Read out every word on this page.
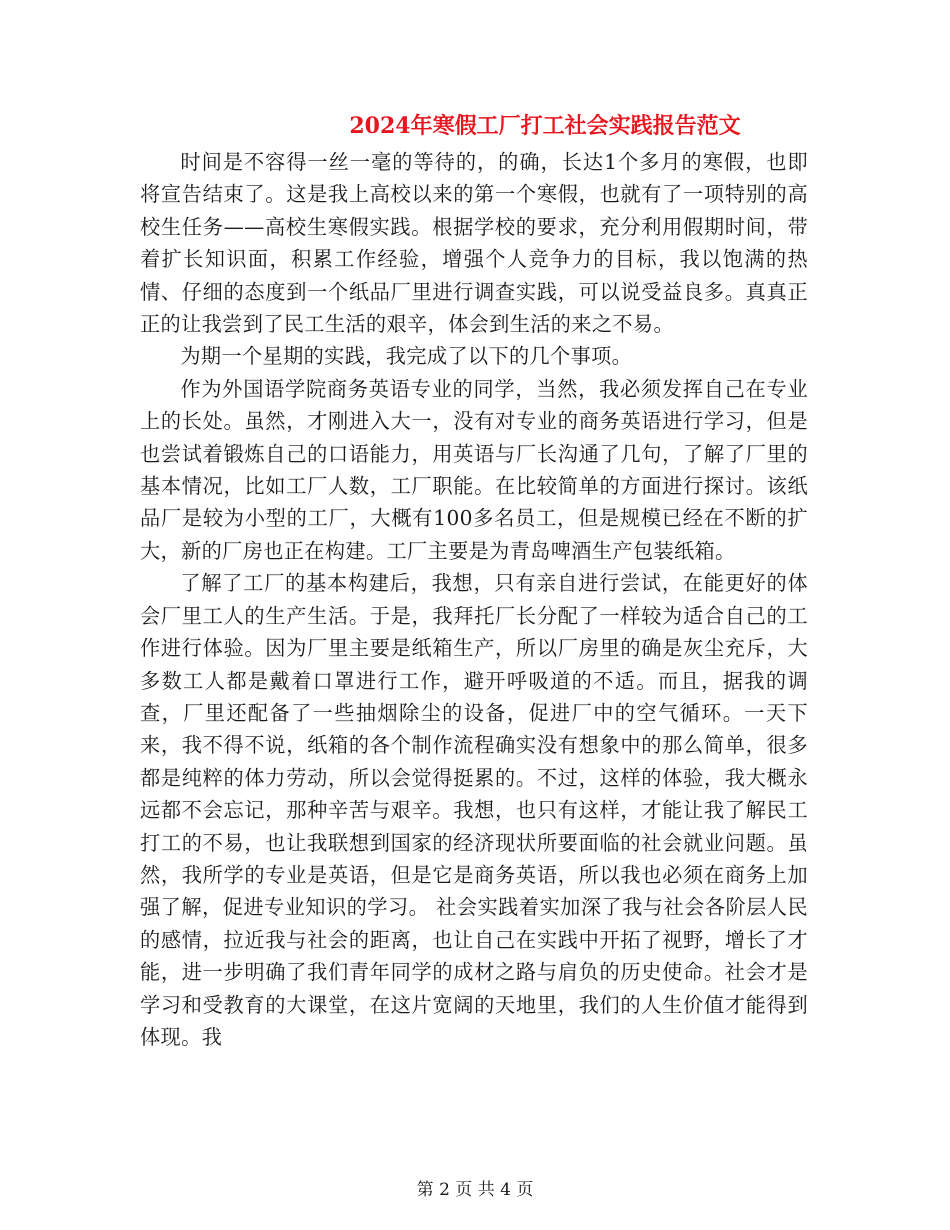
2024年寒假工厂打工社会实践报告范文

时间是不容得一丝一毫的等待的，的确，长达1个多月的寒假，也即将宣告结束了。这是我上高校以来的第一个寒假，也就有了一项特别的高校生任务——高校生寒假实践。根据学校的要求，充分利用假期时间，带着扩长知识面，积累工作经验，增强个人竞争力的目标，我以饱满的热情、仔细的态度到一个纸品厂里进行调查实践，可以说受益良多。真真正正的让我尝到了民工生活的艰辛，体会到生活的来之不易。

为期一个星期的实践，我完成了以下的几个事项。

作为外国语学院商务英语专业的同学，当然，我必须发挥自己在专业上的长处。虽然，才刚进入大一，没有对专业的商务英语进行学习，但是也尝试着锻炼自己的口语能力，用英语与厂长沟通了几句，了解了厂里的基本情况，比如工厂人数，工厂职能。在比较简单的方面进行探讨。该纸品厂是较为小型的工厂，大概有100多名员工，但是规模已经在不断的扩大，新的厂房也正在构建。工厂主要是为青岛啤酒生产包装纸箱。

了解了工厂的基本构建后，我想，只有亲自进行尝试，在能更好的体会厂里工人的生产生活。于是，我拜托厂长分配了一样较为适合自己的工作进行体验。因为厂里主要是纸箱生产，所以厂房里的确是灰尘充斥，大多数工人都是戴着口罩进行工作，避开呼吸道的不适。而且，据我的调查，厂里还配备了一些抽烟除尘的设备，促进厂中的空气循环。一天下来，我不得不说，纸箱的各个制作流程确实没有想象中的那么简单，很多都是纯粹的体力劳动，所以会觉得挺累的。不过，这样的体验，我大概永远都不会忘记，那种辛苦与艰辛。我想，也只有这样，才能让我了解民工打工的不易，也让我联想到国家的经济现状所要面临的社会就业问题。虽然，我所学的专业是英语，但是它是商务英语，所以我也必须在商务上加强了解，促进专业知识的学习。 社会实践着实加深了我与社会各阶层人民的感情，拉近我与社会的距离，也让自己在实践中开拓了视野，增长了才能，进一步明确了我们青年同学的成材之路与肩负的历史使命。社会才是学习和受教育的大课堂，在这片宽阔的天地里，我们的人生价值才能得到体现。我

第 2 页 共 4 页
